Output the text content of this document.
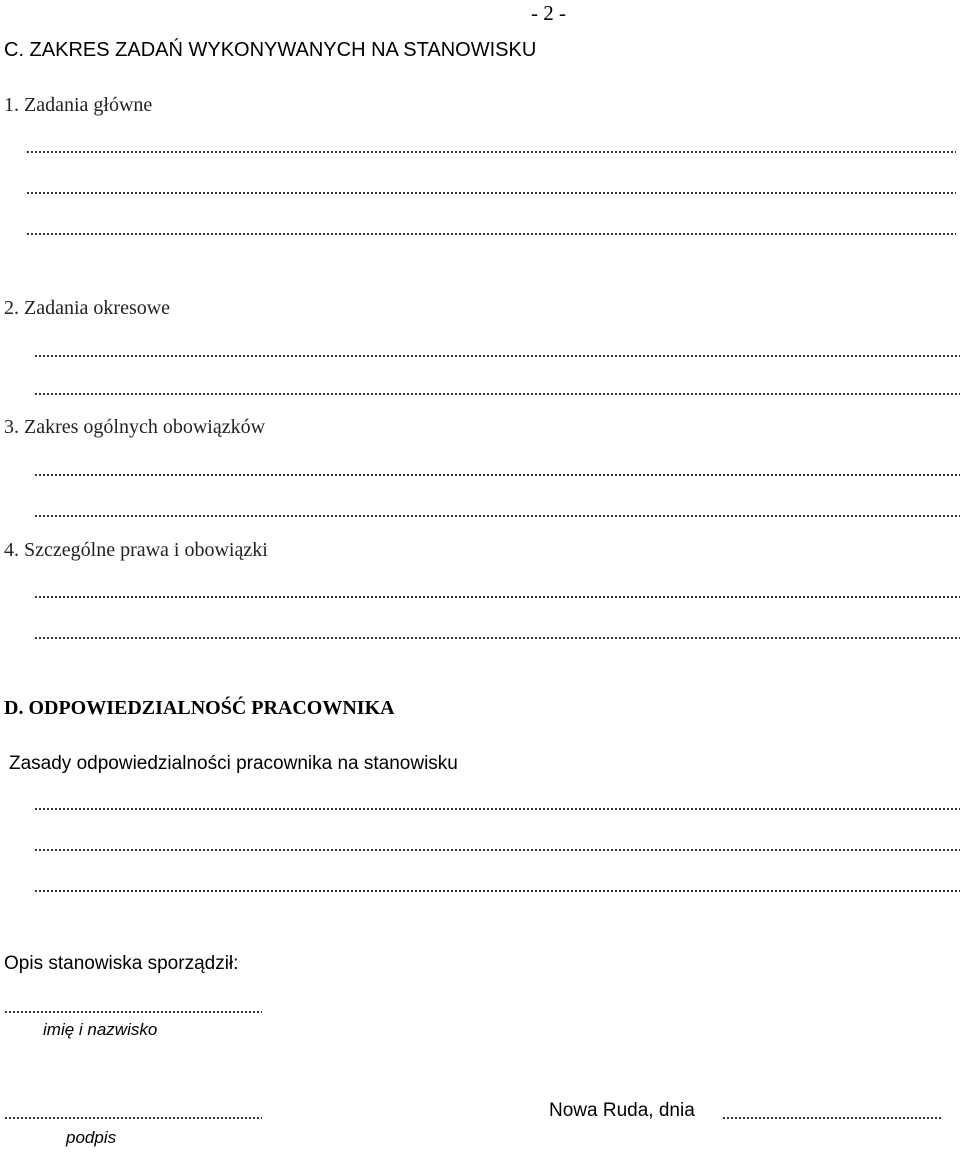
- 2 -
C. ZAKRES ZADAŃ WYKONYWANYCH NA STANOWISKU
1. Zadania główne
2. Zadania okresowe
3. Zakres ogólnych obowiązków
4. Szczególne prawa i obowiązki
D. ODPOWIEDZIALNOŚĆ PRACOWNIKA
Zasady odpowiedzialności pracownika na stanowisku
Opis stanowiska sporządził:
imię i nazwisko
podpis
Nowa Ruda, dnia
